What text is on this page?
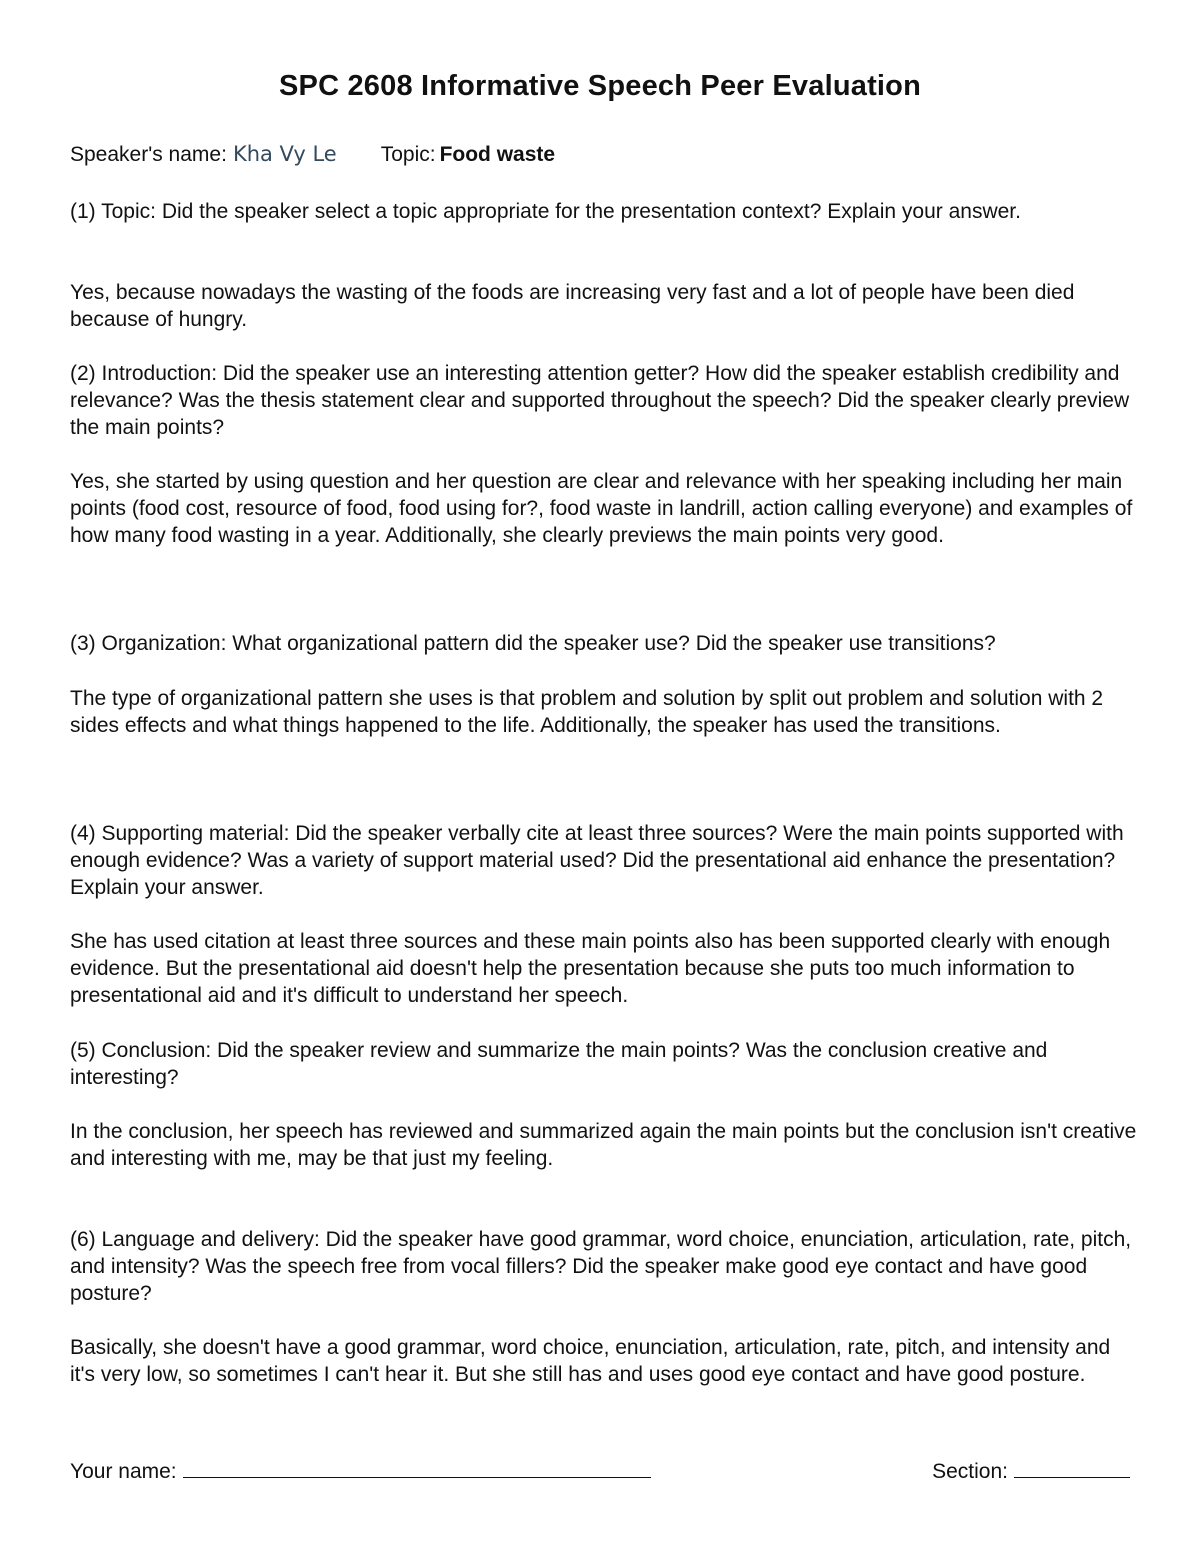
SPC 2608 Informative Speech Peer Evaluation
Speaker's name: Kha Vy Le Topic: Food waste

(1) Topic: Did the speaker select a topic appropriate for the presentation context? Explain your answer.

Yes, because nowadays the wasting of the foods are increasing very fast and a lot of people have been died because of hungry.

(2) Introduction: Did the speaker use an interesting attention getter? How did the speaker establish credibility and relevance? Was the thesis statement clear and supported throughout the speech? Did the speaker clearly preview the main points?

Yes, she started by using question and her question are clear and relevance with her speaking including her main points (food cost, resource of food, food using for?, food waste in landrill, action calling everyone) and examples of how many food wasting in a year. Additionally, she clearly previews the main points very good.

(3) Organization: What organizational pattern did the speaker use? Did the speaker use transitions?

The type of organizational pattern she uses is that problem and solution by split out problem and solution with 2 sides effects and what things happened to the life. Additionally, the speaker has used the transitions.

(4) Supporting material: Did the speaker verbally cite at least three sources? Were the main points supported with enough evidence? Was a variety of support material used? Did the presentational aid enhance the presentation? Explain your answer.

She has used citation at least three sources and these main points also has been supported clearly with enough evidence. But the presentational aid doesn't help the presentation because she puts too much information to presentational aid and it's difficult to understand her speech.

(5) Conclusion: Did the speaker review and summarize the main points? Was the conclusion creative and interesting?

In the conclusion, her speech has reviewed and summarized again the main points but the conclusion isn't creative and interesting with me, may be that just my feeling.

(6) Language and delivery: Did the speaker have good grammar, word choice, enunciation, articulation, rate, pitch, and intensity? Was the speech free from vocal fillers? Did the speaker make good eye contact and have good posture?

Basically, she doesn't have a good grammar, word choice, enunciation, articulation, rate, pitch, and intensity and it's very low, so sometimes I can't hear it. But she still has and uses good eye contact and have good posture.

Your name:	Section:
